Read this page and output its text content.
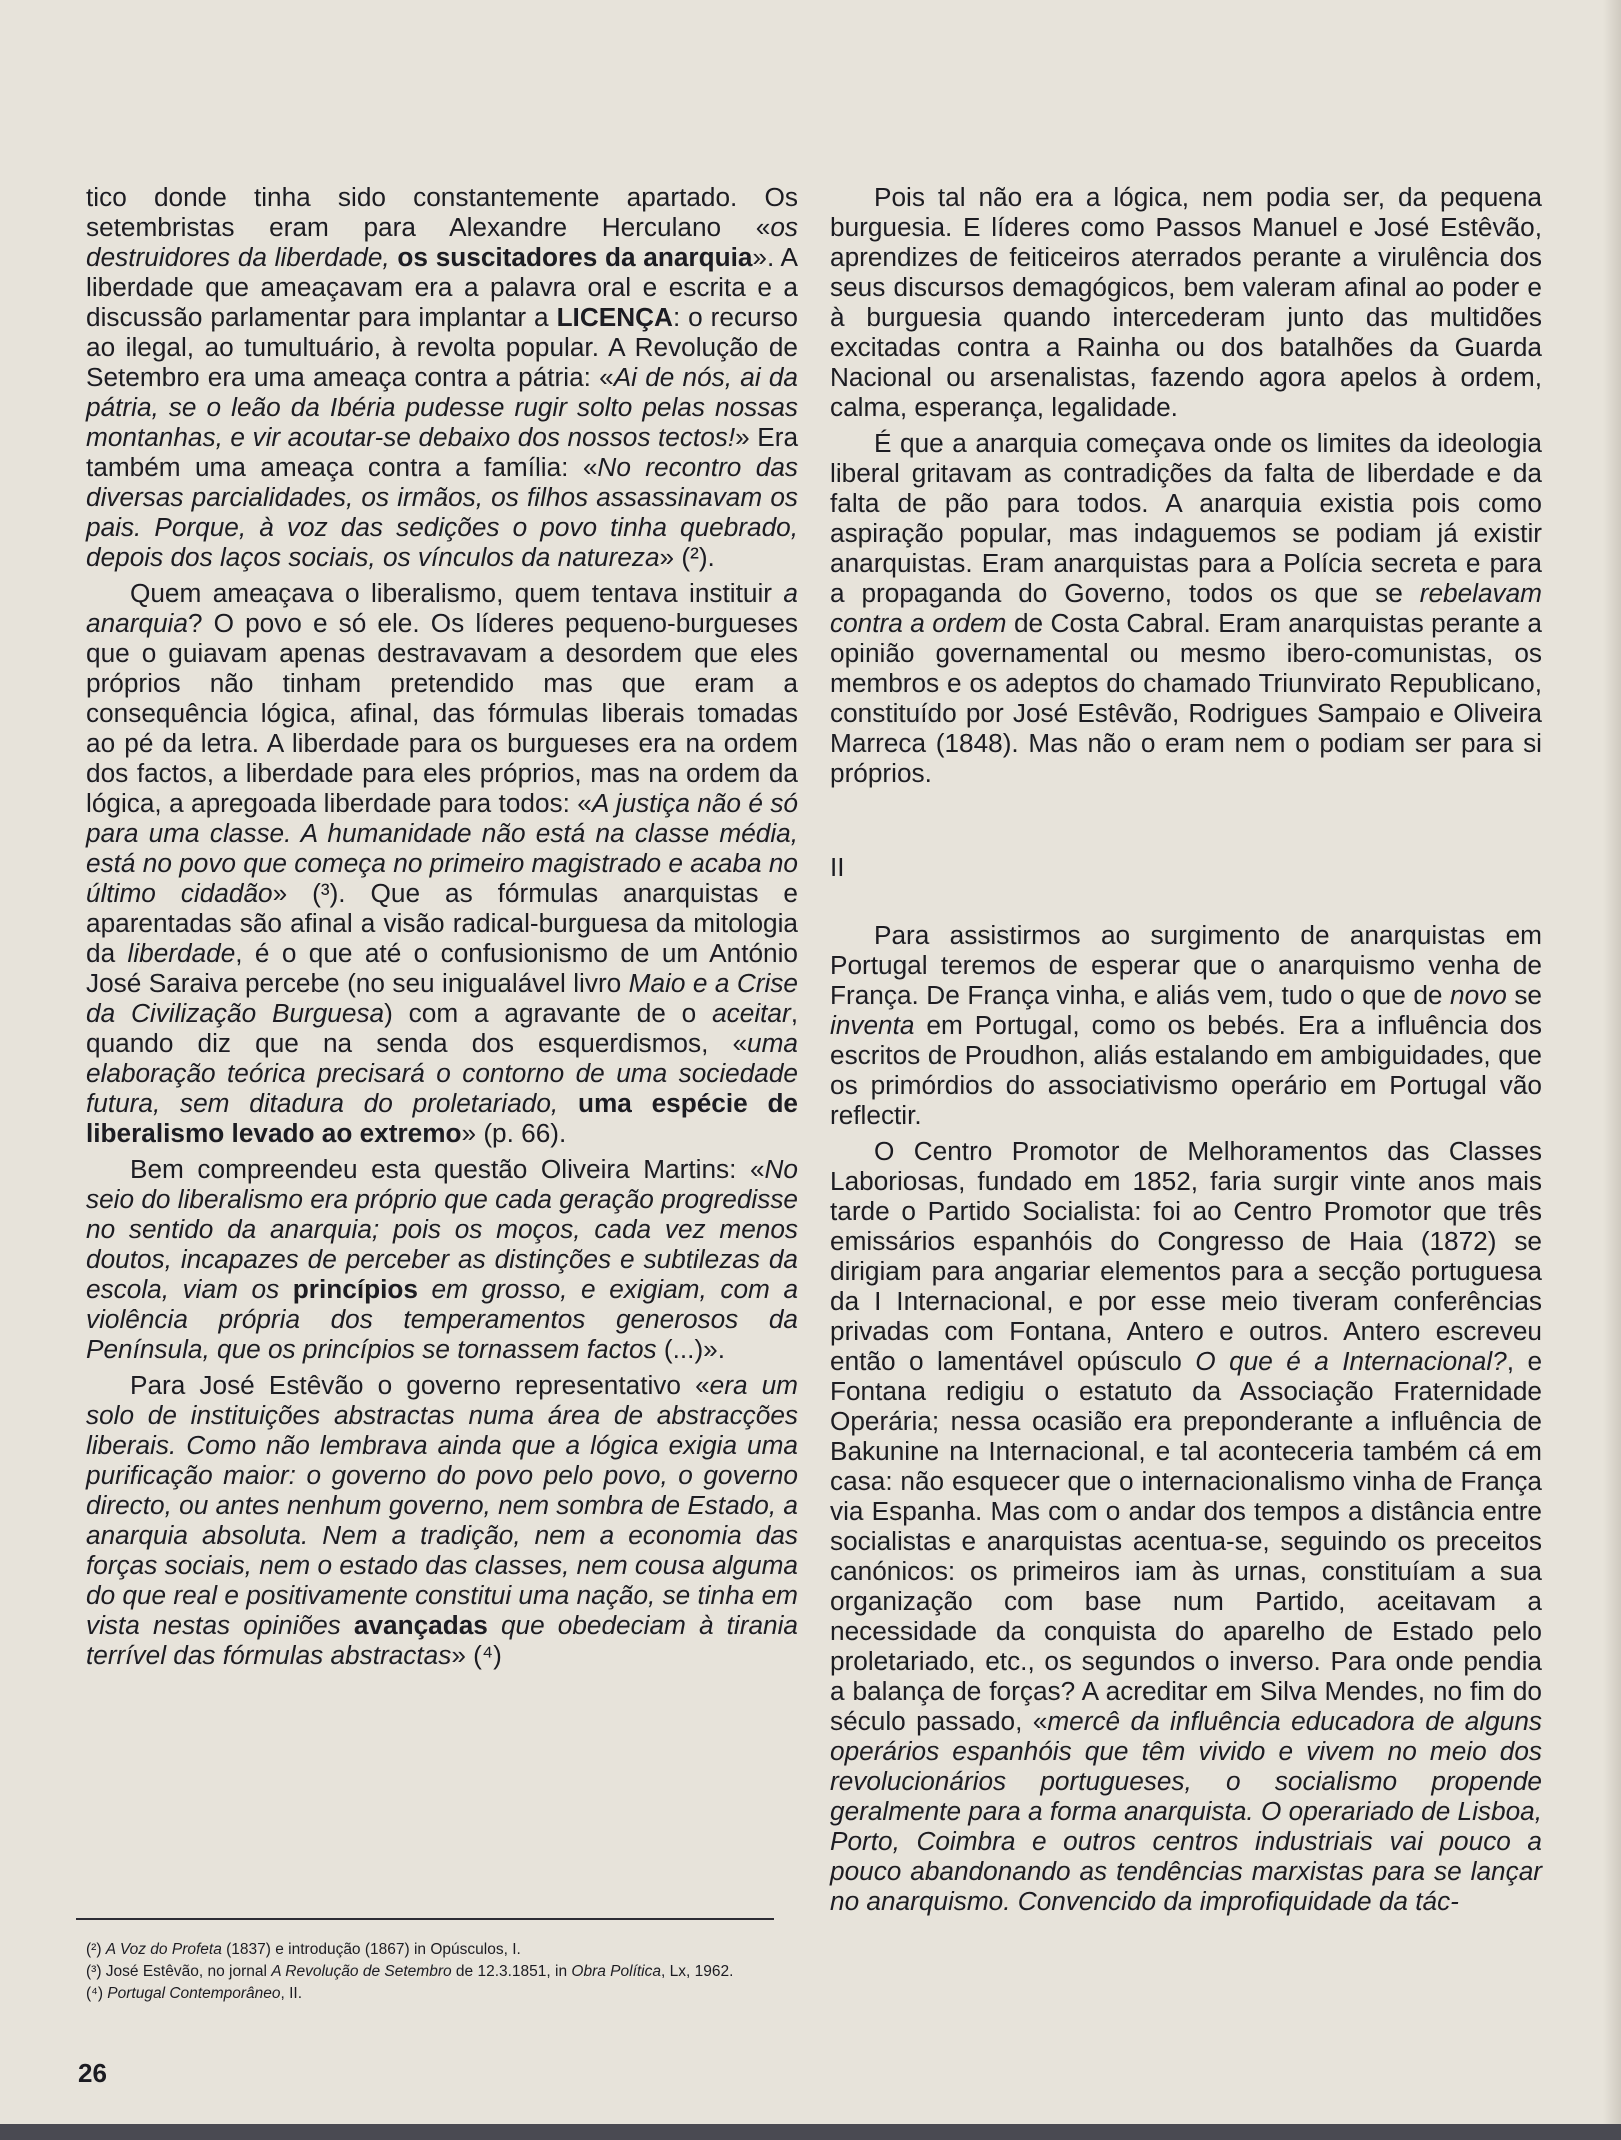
tico donde tinha sido constantemente apartado. Os setembristas eram para Alexandre Herculano «os destruidores da liberdade, os suscitadores da anarquia». A liberdade que ameaçavam era a palavra oral e escrita e a discussão parlamentar para implantar a LICENÇA: o recurso ao ilegal, ao tumultuário, à revolta popular. A Revolução de Setembro era uma ameaça contra a pátria: «Ai de nós, ai da pátria, se o leão da Ibéria pudesse rugir solto pelas nossas montanhas, e vir acoutar-se debaixo dos nossos tectos!» Era também uma ameaça contra a família: «No recontro das diversas parcialidades, os irmãos, os filhos assassinavam os pais. Porque, à voz das sedições o povo tinha quebrado, depois dos laços sociais, os vínculos da natureza» (²).

Quem ameaçava o liberalismo, quem tentava instituir a anarquia? O povo e só ele. Os líderes pequeno-burgueses que o guiavam apenas destravavam a desordem que eles próprios não tinham pretendido mas que eram a consequência lógica, afinal, das fórmulas liberais tomadas ao pé da letra. A liberdade para os burgueses era na ordem dos factos, a liberdade para eles próprios, mas na ordem da lógica, a apregoada liberdade para todos: «A justiça não é só para uma classe. A humanidade não está na classe média, está no povo que começa no primeiro magistrado e acaba no último cidadão» (³). Que as fórmulas anarquistas e aparentadas são afinal a visão radical-burguesa da mitologia da liberdade, é o que até o confusionismo de um António José Saraiva percebe (no seu inigualável livro Maio e a Crise da Civilização Burguesa) com a agravante de o aceitar, quando diz que na senda dos esquerdismos, «uma elaboração teórica precisará o contorno de uma sociedade futura, sem ditadura do proletariado, uma espécie de liberalismo levado ao extremo» (p. 66).

Bem compreendeu esta questão Oliveira Martins: «No seio do liberalismo era próprio que cada geração progredisse no sentido da anarquia; pois os moços, cada vez menos doutos, incapazes de perceber as distinções e subtilezas da escola, viam os princípios em grosso, e exigiam, com a violência própria dos temperamentos generosos da Península, que os princípios se tornassem factos (...)».

Para José Estêvão o governo representativo «era um solo de instituições abstractas numa área de abstracções liberais. Como não lembrava ainda que a lógica exigia uma purificação maior: o governo do povo pelo povo, o governo directo, ou antes nenhum governo, nem sombra de Estado, a anarquia absoluta. Nem a tradição, nem a economia das forças sociais, nem o estado das classes, nem cousa alguma do que real e positivamente constitui uma nação, se tinha em vista nestas opiniões avançadas que obedeciam à tirania terrível das fórmulas abstractas» (⁴)

Pois tal não era a lógica, nem podia ser, da pequena burguesia. E líderes como Passos Manuel e José Estêvão, aprendizes de feiticeiros aterrados perante a virulência dos seus discursos demagógicos, bem valeram afinal ao poder e à burguesia quando intercederam junto das multidões excitadas contra a Rainha ou dos batalhões da Guarda Nacional ou arsenalistas, fazendo agora apelos à ordem, calma, esperança, legalidade.

É que a anarquia começava onde os limites da ideologia liberal gritavam as contradições da falta de liberdade e da falta de pão para todos. A anarquia existia pois como aspiração popular, mas indaguemos se podiam já existir anarquistas. Eram anarquistas para a Polícia secreta e para a propaganda do Governo, todos os que se rebelavam contra a ordem de Costa Cabral. Eram anarquistas perante a opinião governamental ou mesmo ibero-comunistas, os membros e os adeptos do chamado Triunvirato Republicano, constituído por José Estêvão, Rodrigues Sampaio e Oliveira Marreca (1848). Mas não o eram nem o podiam ser para si próprios.

II

Para assistirmos ao surgimento de anarquistas em Portugal teremos de esperar que o anarquismo venha de França. De França vinha, e aliás vem, tudo o que de novo se inventa em Portugal, como os bebés. Era a influência dos escritos de Proudhon, aliás estalando em ambiguidades, que os primórdios do associativismo operário em Portugal vão reflectir.

O Centro Promotor de Melhoramentos das Classes Laboriosas, fundado em 1852, faria surgir vinte anos mais tarde o Partido Socialista: foi ao Centro Promotor que três emissários espanhóis do Congresso de Haia (1872) se dirigiam para angariar elementos para a secção portuguesa da I Internacional, e por esse meio tiveram conferências privadas com Fontana, Antero e outros. Antero escreveu então o lamentável opúsculo O que é a Internacional?, e Fontana redigiu o estatuto da Associação Fraternidade Operária; nessa ocasião era preponderante a influência de Bakunine na Internacional, e tal aconteceria também cá em casa: não esquecer que o internacionalismo vinha de França via Espanha. Mas com o andar dos tempos a distância entre socialistas e anarquistas acentua-se, seguindo os preceitos canónicos: os primeiros iam às urnas, constituíam a sua organização com base num Partido, aceitavam a necessidade da conquista do aparelho de Estado pelo proletariado, etc., os segundos o inverso. Para onde pendia a balança de forças? A acreditar em Silva Mendes, no fim do século passado, «mercê da influência educadora de alguns operários espanhóis que têm vivido e vivem no meio dos revolucionários portugueses, o socialismo propende geralmente para a forma anarquista. O operariado de Lisboa, Porto, Coimbra e outros centros industriais vai pouco a pouco abandonando as tendências marxistas para se lançar no anarquismo. Convencido da improfiquidade da tác-

(²) A Voz do Profeta (1837) e introdução (1867) in Opúsculos, I.

(³) José Estêvão, no jornal A Revolução de Setembro de 12.3.1851, in Obra Política, Lx, 1962.

(⁴) Portugal Contemporâneo, II.

26
